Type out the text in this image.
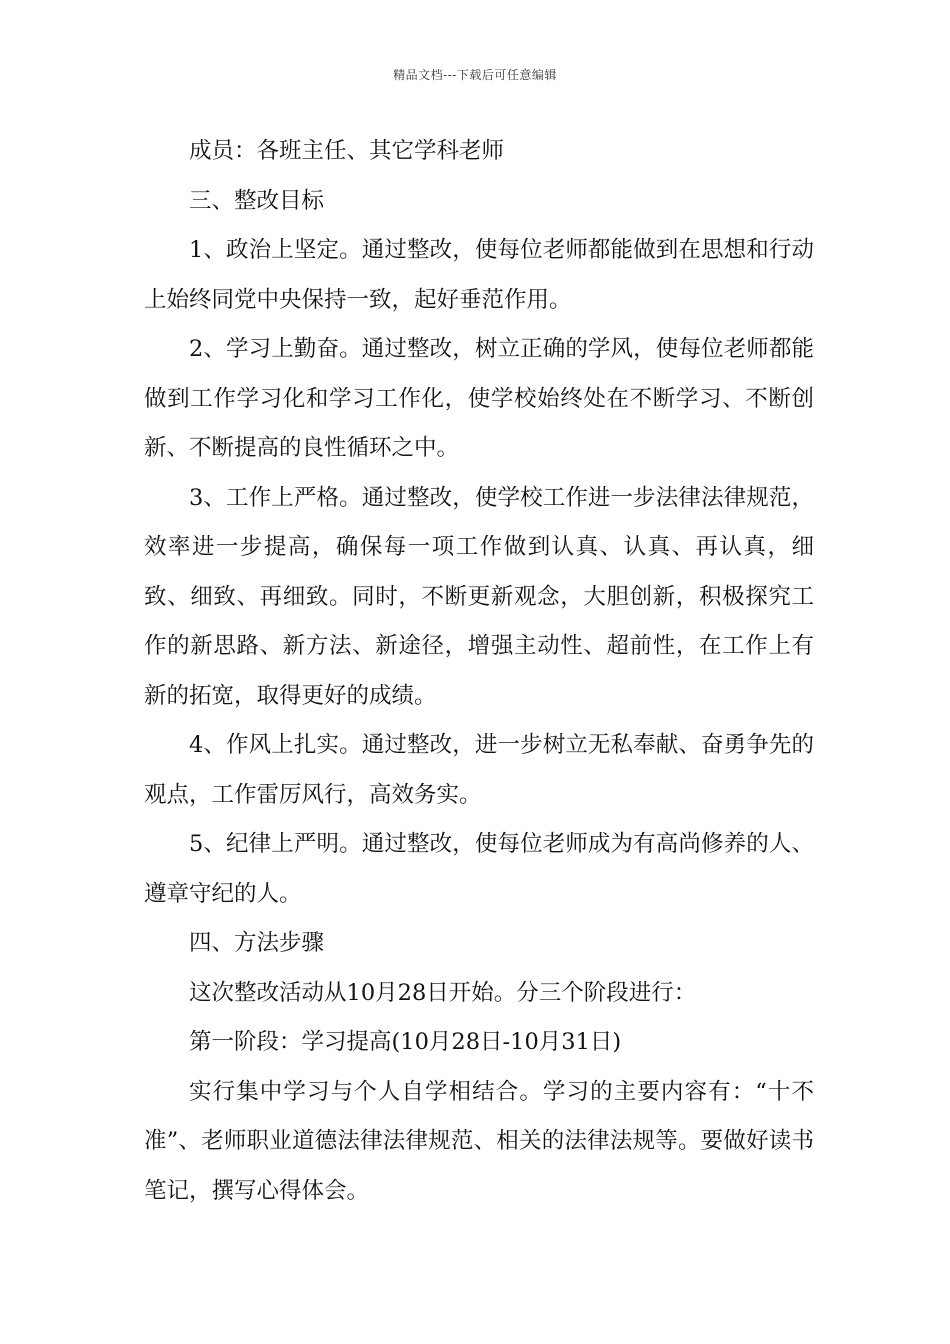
精品文档---下载后可任意编辑

成员：各班主任、其它学科老师

三、整改目标

1、政治上坚定。通过整改，使每位老师都能做到在思想和行动上始终同党中央保持一致，起好垂范作用。

2、学习上勤奋。通过整改，树立正确的学风，使每位老师都能做到工作学习化和学习工作化，使学校始终处在不断学习、不断创新、不断提高的良性循环之中。

3、工作上严格。通过整改，使学校工作进一步法律法律规范，效率进一步提高，确保每一项工作做到认真、认真、再认真，细致、细致、再细致。同时，不断更新观念，大胆创新，积极探究工作的新思路、新方法、新途径，增强主动性、超前性，在工作上有新的拓宽，取得更好的成绩。

4、作风上扎实。通过整改，进一步树立无私奉献、奋勇争先的观点，工作雷厉风行，高效务实。

5、纪律上严明。通过整改，使每位老师成为有高尚修养的人、遵章守纪的人。

四、方法步骤

这次整改活动从10月28日开始。分三个阶段进行：

第一阶段：学习提高(10月28日-10月31日)

实行集中学习与个人自学相结合。学习的主要内容有：“十不准”、老师职业道德法律法律规范、相关的法律法规等。要做好读书笔记，撰写心得体会。
